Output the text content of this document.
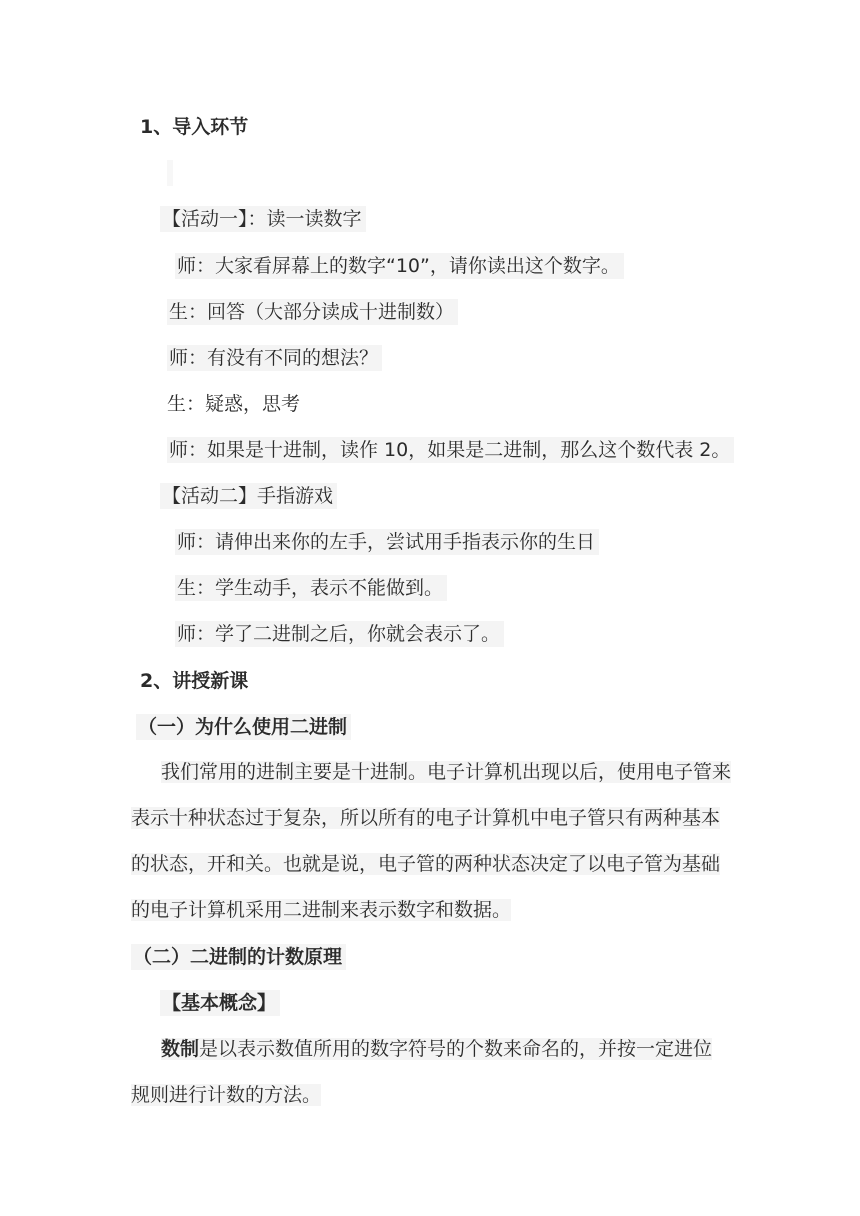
1、导入环节
【活动一】：读一读数字
师：大家看屏幕上的数字“10”，请你读出这个数字。
生：回答（大部分读成十进制数）
师：有没有不同的想法？
生：疑惑，思考
师：如果是十进制，读作 10，如果是二进制，那么这个数代表 2。
【活动二】手指游戏
师：请伸出来你的左手，尝试用手指表示你的生日
生：学生动手，表示不能做到。
师：学了二进制之后，你就会表示了。
2、讲授新课
（一）为什么使用二进制
我们常用的进制主要是十进制。电子计算机出现以后，使用电子管来表示十种状态过于复杂，所以所有的电子计算机中电子管只有两种基本的状态，开和关。也就是说，电子管的两种状态决定了以电子管为基础的电子计算机采用二进制来表示数字和数据。
（二）二进制的计数原理
【基本概念】
数制是以表示数值所用的数字符号的个数来命名的，并按一定进位规则进行计数的方法。
